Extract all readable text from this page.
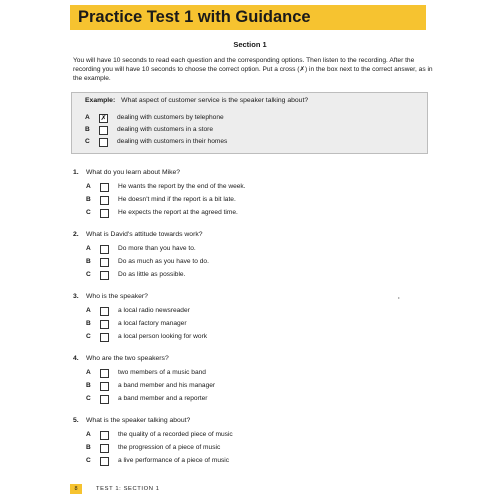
Practice Test 1 with Guidance
Section 1

You will have 10 seconds to read each question and the corresponding options. Then listen to the recording. After the recording you will have 10 seconds to choose the correct option. Put a cross (✗) in the box next to the correct answer, as in the example.

Example: What aspect of customer service is the speaker talking about?
A	✗ dealing with customers by telephone
B	dealing with customers in a store
C	dealing with customers in their homes
1. What do you learn about Mike?
A	He wants the report by the end of the week.
B	He doesn't mind if the report is a bit late.
C	He expects the report at the agreed time.
2. What is David's attitude towards work?
A	Do more than you have to.
B	Do as much as you have to do.
C	Do as little as possible.
3. Who is the speaker?
A	a local radio newsreader
B	a local factory manager
C	a local person looking for work
▸
4. Who are the two speakers?
A	two members of a music band
B	a band member and his manager
C	a band member and a reporter
5. What is the speaker talking about?
A	the quality of a recorded piece of music
B	the progression of a piece of music
C	a live performance of a piece of music
8	TEST 1: SECTION 1
